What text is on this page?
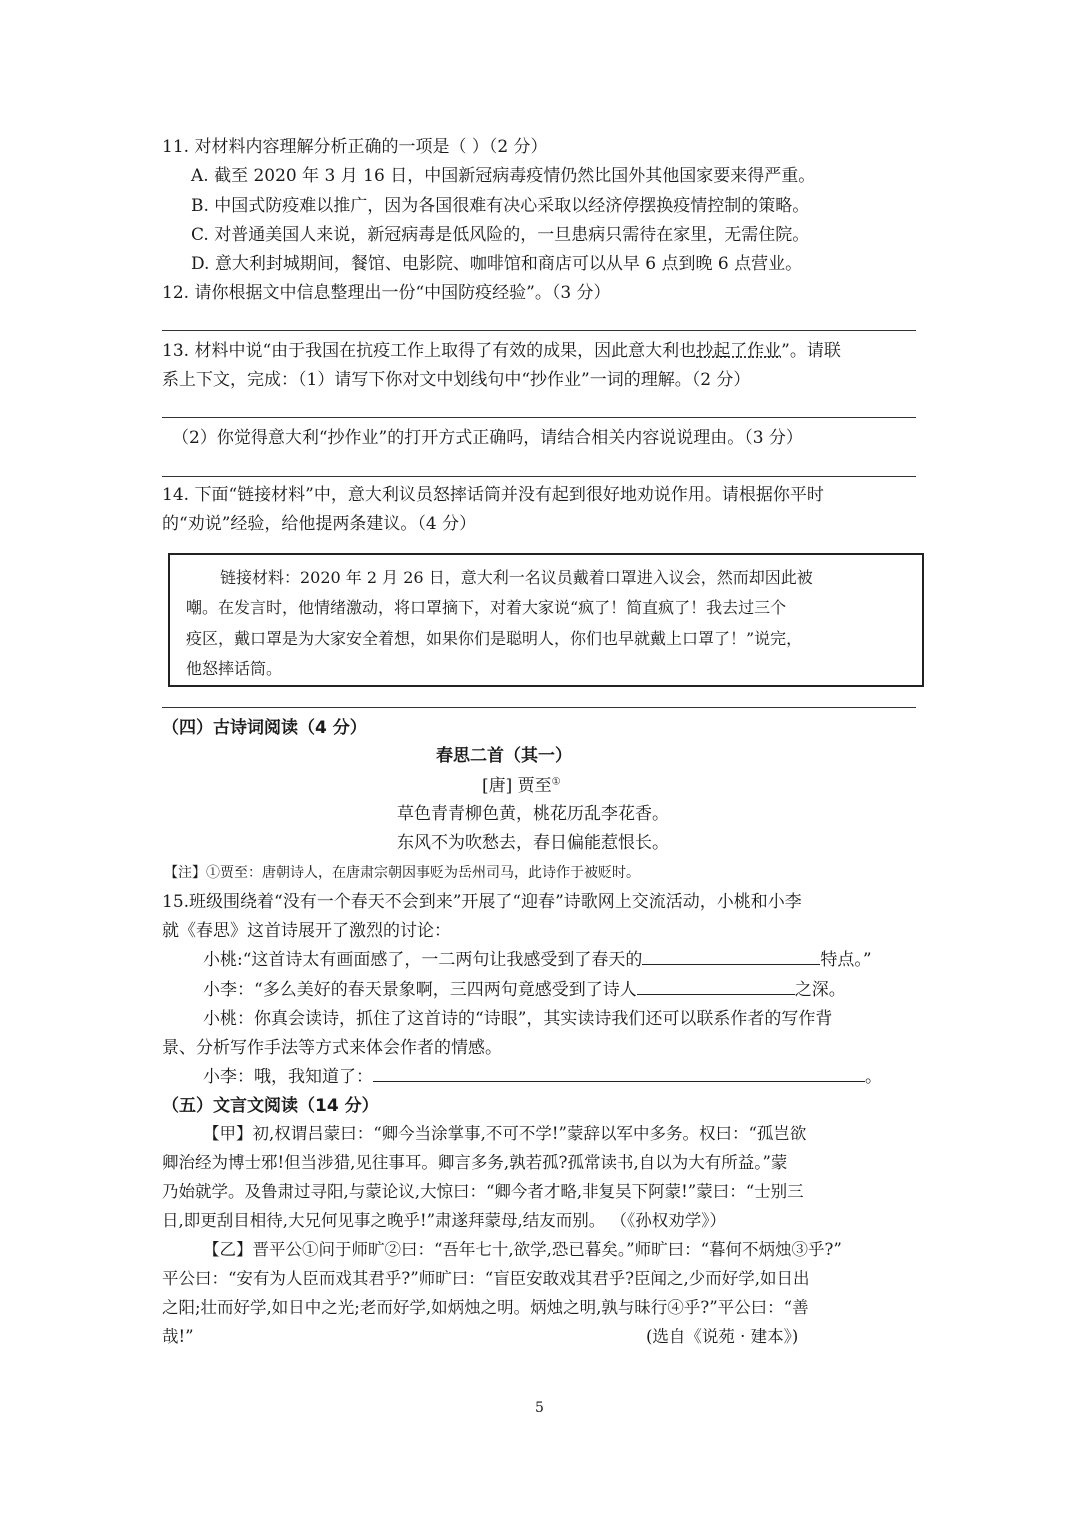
11. 对材料内容理解分析正确的一项是（ ）（2 分）
A. 截至 2020 年 3 月 16 日，中国新冠病毒疫情仍然比国外其他国家要来得严重。
B. 中国式防疫难以推广，因为各国很难有决心采取以经济停摆换疫情控制的策略。
C. 对普通美国人来说，新冠病毒是低风险的，一旦患病只需待在家里，无需住院。
D. 意大利封城期间，餐馆、电影院、咖啡馆和商店可以从早 6 点到晚 6 点营业。
12. 请你根据文中信息整理出一份“中国防疫经验”。（3 分）
13. 材料中说“由于我国在抗疫工作上取得了有效的成果，因此意大利也抄起了作业”。请联
系上下文，完成：（1）请写下你对文中划线句中“抄作业”一词的理解。（2 分）
（2）你觉得意大利“抄作业”的打开方式正确吗，请结合相关内容说说理由。（3 分）
14. 下面“链接材料”中，意大利议员怒摔话筒并没有起到很好地劝说作用。请根据你平时
的“劝说”经验，给他提两条建议。（4 分）
链接材料：2020 年 2 月 26 日，意大利一名议员戴着口罩进入议会，然而却因此被
嘲。在发言时，他情绪激动，将口罩摘下，对着大家说“疯了！简直疯了！我去过三个
疫区，戴口罩是为大家安全着想，如果你们是聪明人，你们也早就戴上口罩了！”说完，
他怒摔话筒。
（四）古诗词阅读（4 分）
春思二首（其一）
[唐] 贾至①
草色青青柳色黄，桃花历乱李花香。
东风不为吹愁去，春日偏能惹恨长。
【注】①贾至：唐朝诗人，在唐肃宗朝因事贬为岳州司马，此诗作于被贬时。
15.班级围绕着“没有一个春天不会到来”开展了“迎春”诗歌网上交流活动，小桃和小李
就《春思》这首诗展开了激烈的讨论：
小桃:“这首诗太有画面感了，一二两句让我感受到了春天的	特点。”
小李：“多么美好的春天景象啊，三四两句竟感受到了诗人	之深。
小桃：你真会读诗，抓住了这首诗的“诗眼”，其实读诗我们还可以联系作者的写作背
景、分析写作手法等方式来体会作者的情感。
小李：哦，我知道了：	。
（五）文言文阅读（14 分）
【甲】初,权谓吕蒙曰：“卿今当涂掌事,不可不学!”蒙辞以军中多务。权曰：“孤岂欲
卿治经为博士邪!但当涉猎,见往事耳。卿言多务,孰若孤?孤常读书,自以为大有所益。”蒙
乃始就学。及鲁肃过寻阳,与蒙论议,大惊曰：“卿今者才略,非复吴下阿蒙!”蒙曰：“士别三
日,即更刮目相待,大兄何见事之晚乎!”肃遂拜蒙母,结友而别。 （《孙权劝学》）
【乙】晋平公①问于师旷②曰：“吾年七十,欲学,恐已暮矣。”师旷曰：“暮何不炳烛③乎?”
平公曰：“安有为人臣而戏其君乎?”师旷曰：“盲臣安敢戏其君乎?臣闻之,少而好学,如日出
之阳;壮而好学,如日中之光;老而好学,如炳烛之明。炳烛之明,孰与昧行④乎?”平公曰：“善
哉!”	(选自《说苑 · 建本》)
5
